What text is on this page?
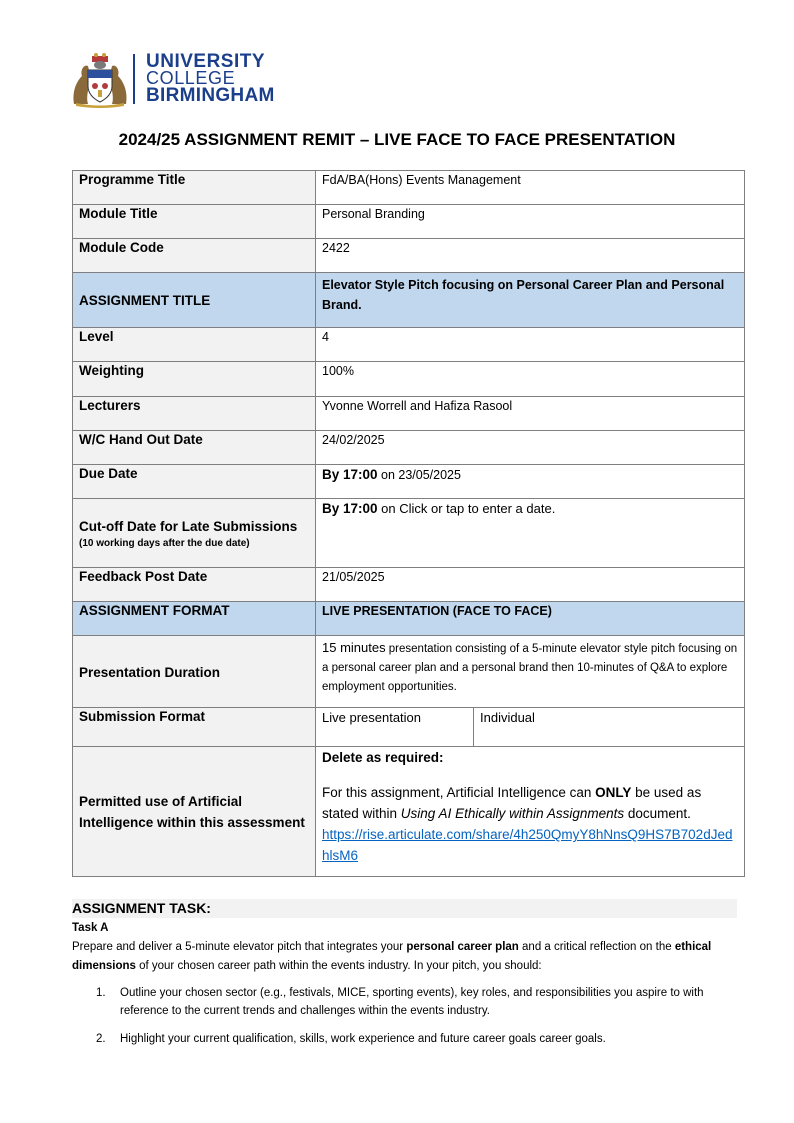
UNIVERSITY
COLLEGE
BIRMINGHAM
2024/25 ASSIGNMENT REMIT – LIVE FACE TO FACE PRESENTATION
Programme Title	FdA/BA(Hons) Events Management	
Module Title	Personal Branding	
Module Code	2422	
ASSIGNMENT TITLE	Elevator Style Pitch focusing on Personal Career Plan and Personal Brand.	
Level	4	
Weighting	100%	
Lecturers	Yvonne Worrell and Hafiza Rasool	
W/C Hand Out Date	24/02/2025	
Due Date	By 17:00 on 23/05/2025	
Cut-off Date for Late Submissions (10 working days after the due date)	By 17:00 on Click or tap to enter a date.	
Feedback Post Date	21/05/2025	
ASSIGNMENT FORMAT	LIVE PRESENTATION (FACE TO FACE)	
Presentation Duration	15 minutes presentation consisting of a 5-minute elevator style pitch focusing on a personal career plan and a personal brand then 10-minutes of Q&A to explore employment opportunities.	
Submission Format	Live presentation	Individual
Permitted use of Artificial Intelligence within this assessment	Delete as required:
For this assignment, Artificial Intelligence can ONLY be used as stated within Using AI Ethically within Assignments document.
https://rise.articulate.com/share/4h250QmyY8hNnsQ9HS7B702dJedhlsM6	
ASSIGNMENT TASK:
Task A
Prepare and deliver a 5-minute elevator pitch that integrates your personal career plan and a critical reflection on the ethical dimensions of your chosen career path within the events industry. In your pitch, you should:
1. Outline your chosen sector (e.g., festivals, MICE, sporting events), key roles, and responsibilities you aspire to with reference to the current trends and challenges within the events industry.
2. Highlight your current qualification, skills, work experience and future career goals career goals.
